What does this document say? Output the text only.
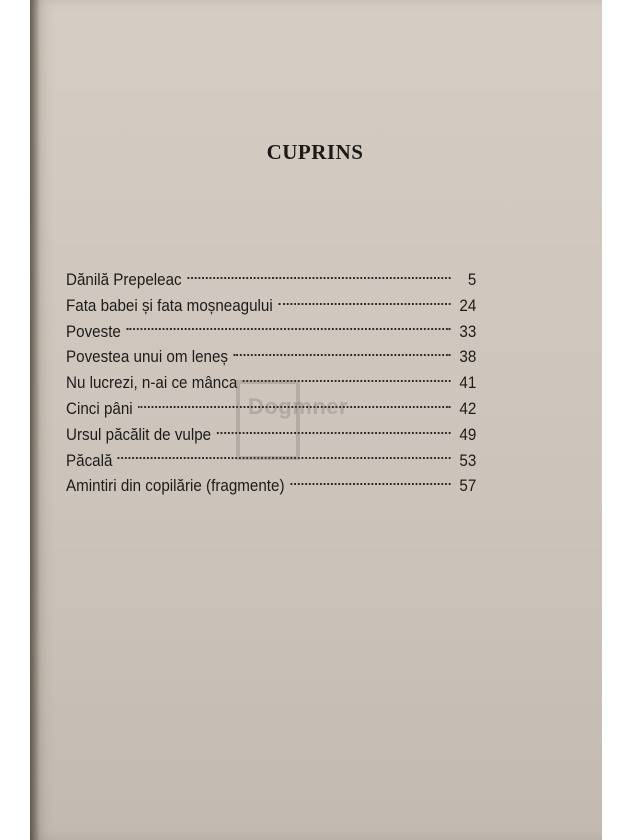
CUPRINS
Dănilă Prepeleac	5
Fata babei și fata moșneagului	24
Poveste	33
Povestea unui om leneș	38
Nu lucrezi, n-ai ce mânca	41
Cinci pâni	42
Ursul păcălit de vulpe	49
Păcală	53
Amintiri din copilărie (fragmente)	57
Dogmner
